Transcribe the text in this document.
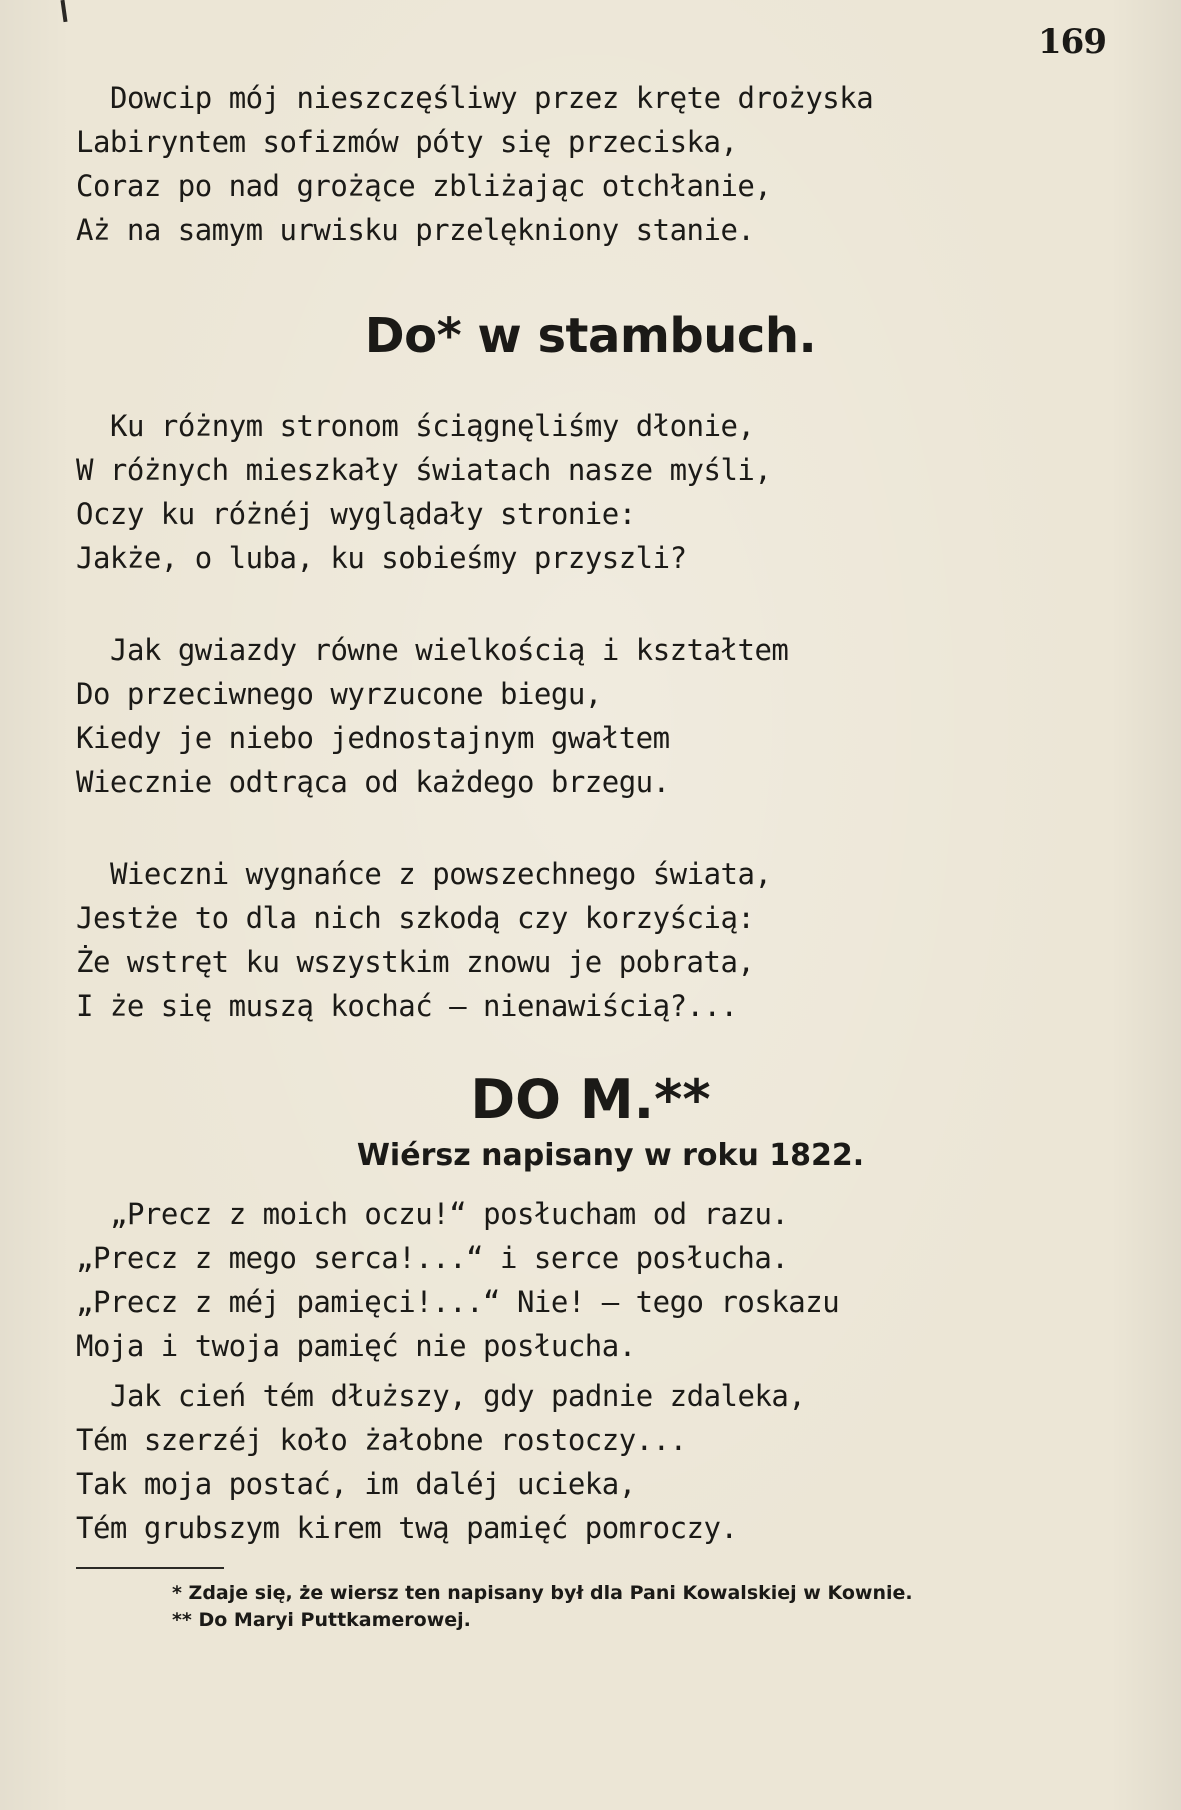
169
Dowcip mój nieszczęśliwy przez kręte drożyska
Labiryntem sofizmów póty się przeciska,
Coraz po nad grożące zbliżając otchłanie,
Aż na samym urwisku przelękniony stanie.
Do* w stambuch.
Ku różnym stronom ściągnęliśmy dłonie,
W różnych mieszkały światach nasze myśli,
Oczy ku różnéj wyglądały stronie:
Jakże, o luba, ku sobieśmy przyszli?
Jak gwiazdy równe wielkością i kształtem
Do przeciwnego wyrzucone biegu,
Kiedy je niebo jednostajnym gwałtem
Wiecznie odtrąca od każdego brzegu.
Wieczni wygnańce z powszechnego świata,
Jestże to dla nich szkodą czy korzyścią:
Że wstręt ku wszystkim znowu je pobrata,
I że się muszą kochać — nienawiścią?...
DO M.**
Wiérsz napisany w roku 1822.
„Precz z moich oczu!“ posłucham od razu.
„Precz z mego serca!...“ i serce posłucha.
„Precz z méj pamięci!...“ Nie! — tego roskazu
Moja i twoja pamięć nie posłucha.
Jak cień tém dłuższy, gdy padnie zdaleka,
Tém szerzéj koło żałobne rostoczy...
Tak moja postać, im daléj ucieka,
Tém grubszym kirem twą pamięć pomroczy.
* Zdaje się, że wiersz ten napisany był dla Pani Kowalskiej w Kownie.
** Do Maryi Puttkamerowej.
